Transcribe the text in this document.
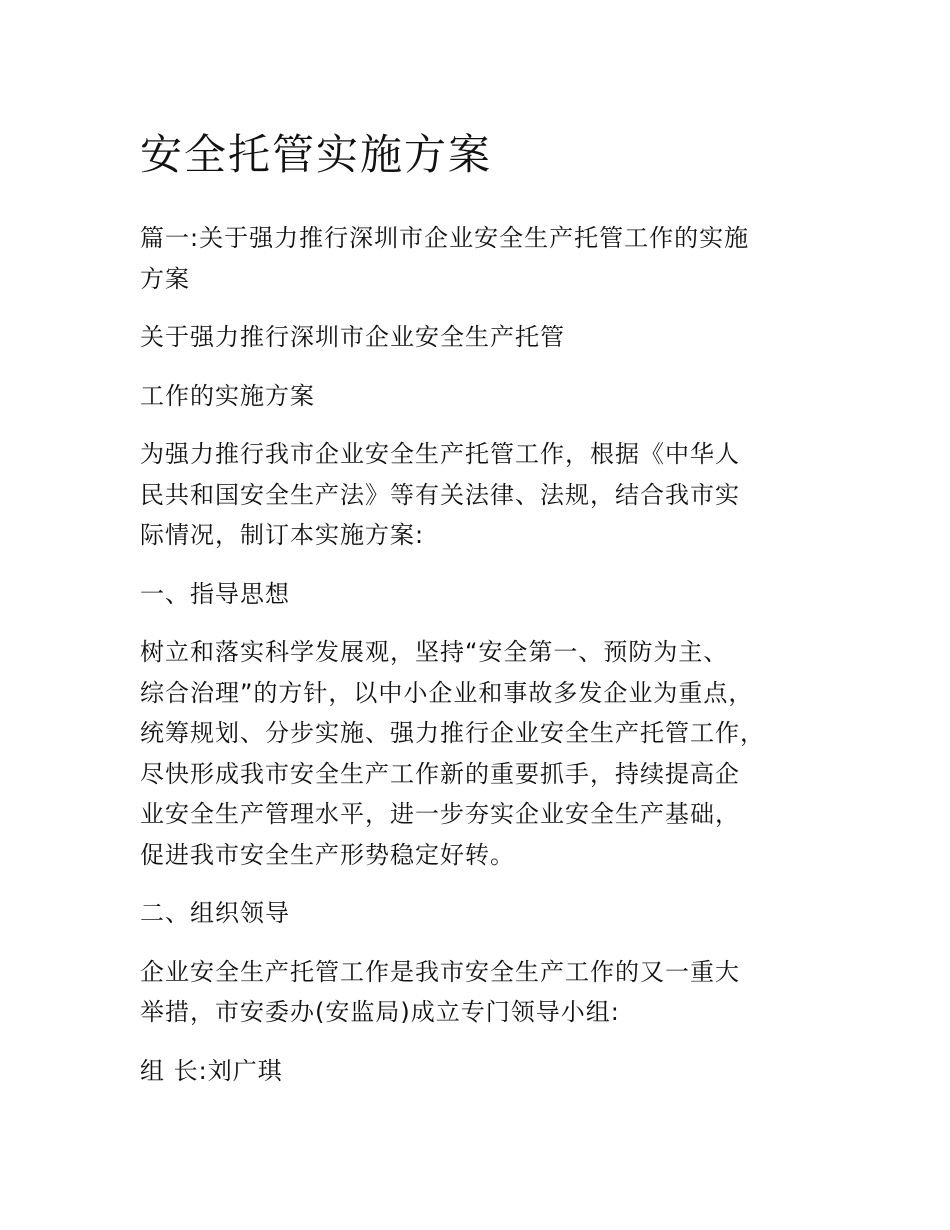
安全托管实施方案

篇一:关于强力推行深圳市企业安全生产托管工作的实施
方案

关于强力推行深圳市企业安全生产托管

工作的实施方案

为强力推行我市企业安全生产托管工作，根据《中华人
民共和国安全生产法》等有关法律、法规，结合我市实
际情况，制订本实施方案:

一、指导思想

树立和落实科学发展观，坚持“安全第一、预防为主、
综合治理”的方针，以中小企业和事故多发企业为重点，
统筹规划、分步实施、强力推行企业安全生产托管工作，
尽快形成我市安全生产工作新的重要抓手，持续提高企
业安全生产管理水平，进一步夯实企业安全生产基础，
促进我市安全生产形势稳定好转。

二、组织领导

企业安全生产托管工作是我市安全生产工作的又一重大
举措，市安委办(安监局)成立专门领导小组:

组 长:刘广琪
